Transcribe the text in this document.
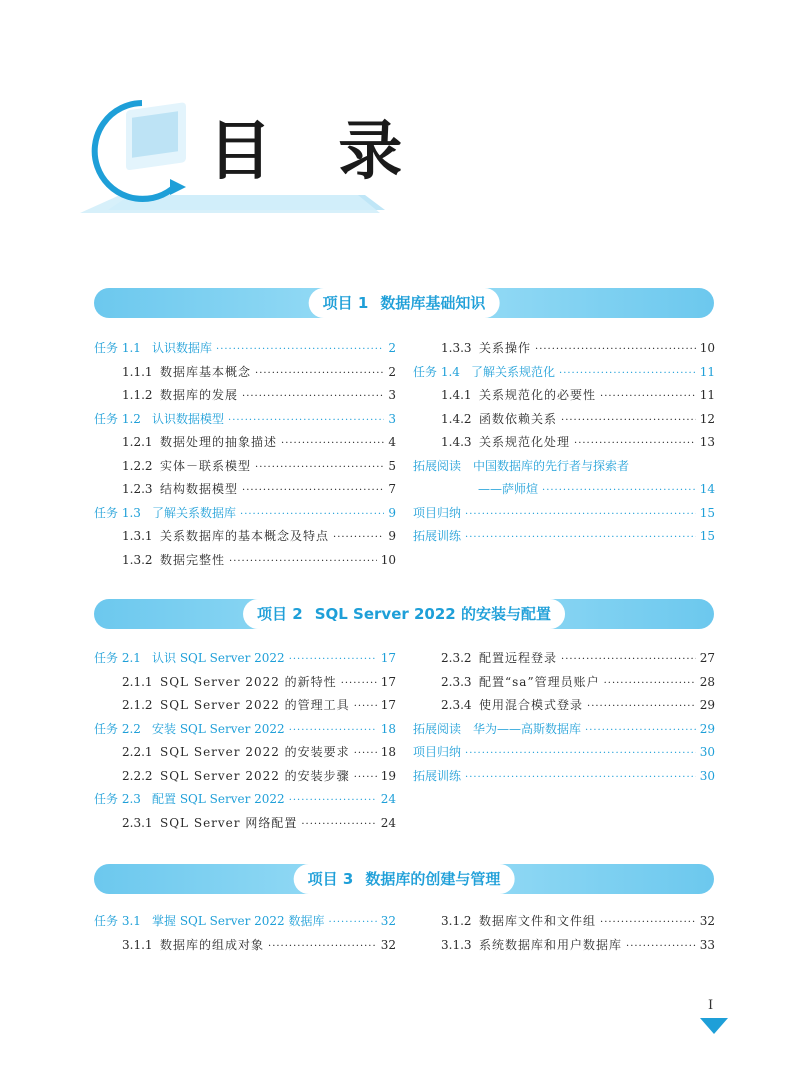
目 录
项目 1 数据库基础知识
任务 1.1 认识数据库 ·····	2
1.1.1 数据库基本概念 ·····	2
1.1.2 数据库的发展 ·····	3
任务 1.2 认识数据模型 ·····	3
1.2.1 数据处理的抽象描述 ·····	4
1.2.2 实体－联系模型 ·····	5
1.2.3 结构数据模型 ·····	7
任务 1.3 了解关系数据库 ·····	9
1.3.1 关系数据库的基本概念及特点 ·····	9
1.3.2 数据完整性 ·····	10
1.3.3 关系操作 ·····	10
任务 1.4 了解关系规范化 ·····	11
1.4.1 关系规范化的必要性 ·····	11
1.4.2 函数依赖关系 ·····	12
1.4.3 关系规范化处理 ·····	13
拓展阅读　中国数据库的先行者与探索者
——萨师煊 ·····	14
项目归纳 ·····	15
拓展训练 ·····	15
项目 2 SQL Server 2022 的安装与配置
任务 2.1 认识 SQL Server 2022 ·····	17
2.1.1 SQL Server 2022 的新特性 ·····	17
2.1.2 SQL Server 2022 的管理工具 ·····	17
任务 2.2 安装 SQL Server 2022 ·····	18
2.2.1 SQL Server 2022 的安装要求 ·····	18
2.2.2 SQL Server 2022 的安装步骤 ·····	19
任务 2.3 配置 SQL Server 2022 ·····	24
2.3.1 SQL Server 网络配置 ·····	24
2.3.2 配置远程登录 ·····	27
2.3.3 配置“sa”管理员账户 ·····	28
2.3.4 使用混合模式登录 ·····	29
拓展阅读　华为——高斯数据库 ·····	29
项目归纳 ·····	30
拓展训练 ·····	30
项目 3 数据库的创建与管理
任务 3.1 掌握 SQL Server 2022 数据库 ·····	32
3.1.1 数据库的组成对象 ·····	32
3.1.2 数据库文件和文件组 ·····	32
3.1.3 系统数据库和用户数据库 ·····	33
I
